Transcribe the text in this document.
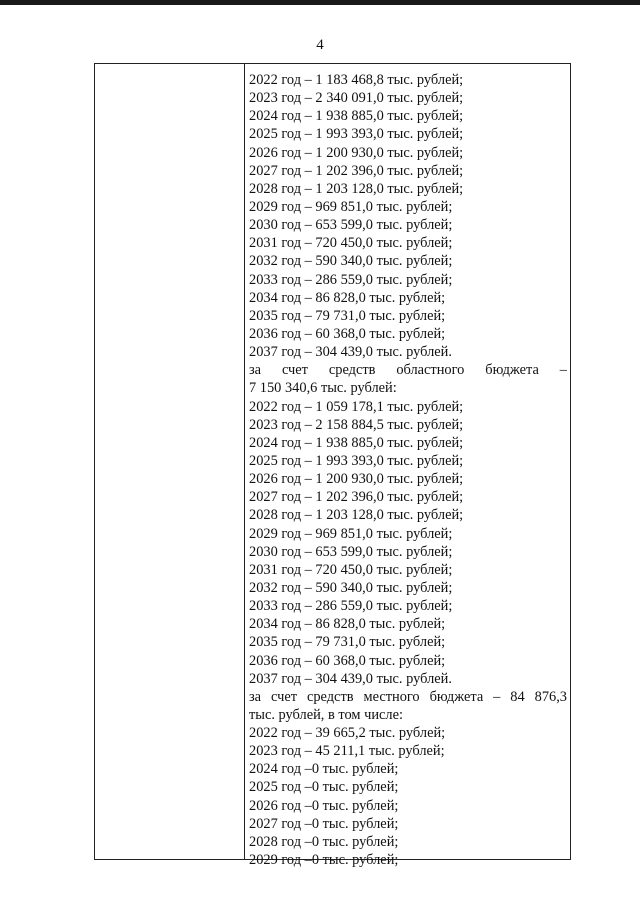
4
2022 год – 1 183 468,8 тыс. рублей;
2023 год – 2 340 091,0 тыс. рублей;
2024 год – 1 938 885,0 тыс. рублей;
2025 год – 1 993 393,0 тыс. рублей;
2026 год – 1 200 930,0 тыс. рублей;
2027 год – 1 202 396,0 тыс. рублей;
2028 год – 1 203 128,0 тыс. рублей;
2029 год – 969 851,0 тыс. рублей;
2030 год – 653 599,0 тыс. рублей;
2031 год – 720 450,0 тыс. рублей;
2032 год – 590 340,0 тыс. рублей;
2033 год – 286 559,0 тыс. рублей;
2034 год – 86 828,0 тыс. рублей;
2035 год – 79 731,0 тыс. рублей;
2036 год – 60 368,0 тыс. рублей;
2037 год – 304 439,0 тыс. рублей.
за счет средств областного бюджета –
7 150 340,6 тыс. рублей:
2022 год – 1 059 178,1 тыс. рублей;
2023 год – 2 158 884,5 тыс. рублей;
2024 год – 1 938 885,0 тыс. рублей;
2025 год – 1 993 393,0 тыс. рублей;
2026 год – 1 200 930,0 тыс. рублей;
2027 год – 1 202 396,0 тыс. рублей;
2028 год – 1 203 128,0 тыс. рублей;
2029 год – 969 851,0 тыс. рублей;
2030 год – 653 599,0 тыс. рублей;
2031 год – 720 450,0 тыс. рублей;
2032 год – 590 340,0 тыс. рублей;
2033 год – 286 559,0 тыс. рублей;
2034 год – 86 828,0 тыс. рублей;
2035 год – 79 731,0 тыс. рублей;
2036 год – 60 368,0 тыс. рублей;
2037 год – 304 439,0 тыс. рублей.
за счет средств местного бюджета – 84 876,3
тыс. рублей, в том числе:
2022 год – 39 665,2 тыс. рублей;
2023 год – 45 211,1 тыс. рублей;
2024 год –0 тыс. рублей;
2025 год –0 тыс. рублей;
2026 год –0 тыс. рублей;
2027 год –0 тыс. рублей;
2028 год –0 тыс. рублей;
2029 год –0 тыс. рублей;
